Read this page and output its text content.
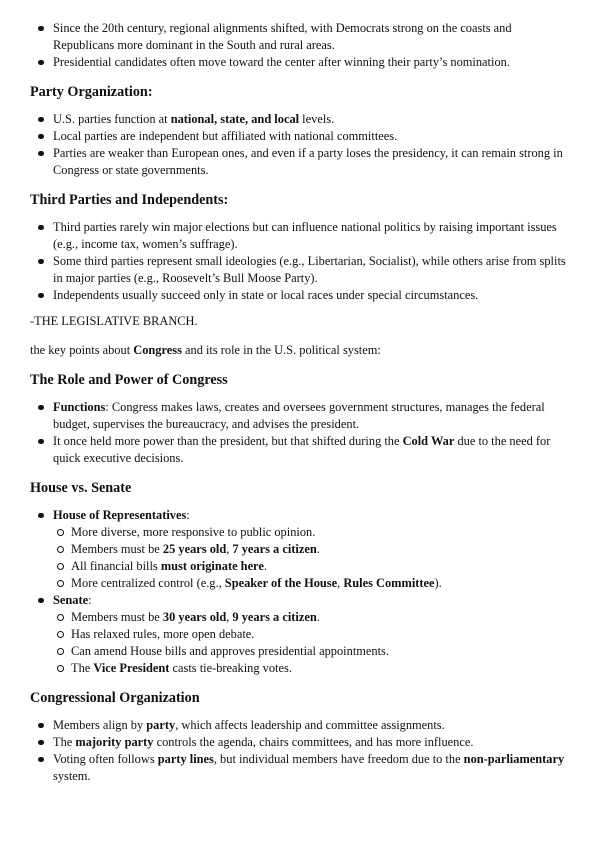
Since the 20th century, regional alignments shifted, with Democrats strong on the coasts and Republicans more dominant in the South and rural areas.
Presidential candidates often move toward the center after winning their party’s nomination.
Party Organization:
U.S. parties function at national, state, and local levels.
Local parties are independent but affiliated with national committees.
Parties are weaker than European ones, and even if a party loses the presidency, it can remain strong in Congress or state governments.
Third Parties and Independents:
Third parties rarely win major elections but can influence national politics by raising important issues (e.g., income tax, women’s suffrage).
Some third parties represent small ideologies (e.g., Libertarian, Socialist), while others arise from splits in major parties (e.g., Roosevelt’s Bull Moose Party).
Independents usually succeed only in state or local races under special circumstances.

-THE LEGISLATIVE BRANCH.

the key points about Congress and its role in the U.S. political system:

The Role and Power of Congress
Functions: Congress makes laws, creates and oversees government structures, manages the federal budget, supervises the bureaucracy, and advises the president.
It once held more power than the president, but that shifted during the Cold War due to the need for quick executive decisions.
House vs. Senate
House of Representatives:
More diverse, more responsive to public opinion.
Members must be 25 years old, 7 years a citizen.
All financial bills must originate here.
More centralized control (e.g., Speaker of the House, Rules Committee).
Senate:
Members must be 30 years old, 9 years a citizen.
Has relaxed rules, more open debate.
Can amend House bills and approves presidential appointments.
The Vice President casts tie-breaking votes.
Congressional Organization
Members align by party, which affects leadership and committee assignments.
The majority party controls the agenda, chairs committees, and has more influence.
Voting often follows party lines, but individual members have freedom due to the non-parliamentary system.
